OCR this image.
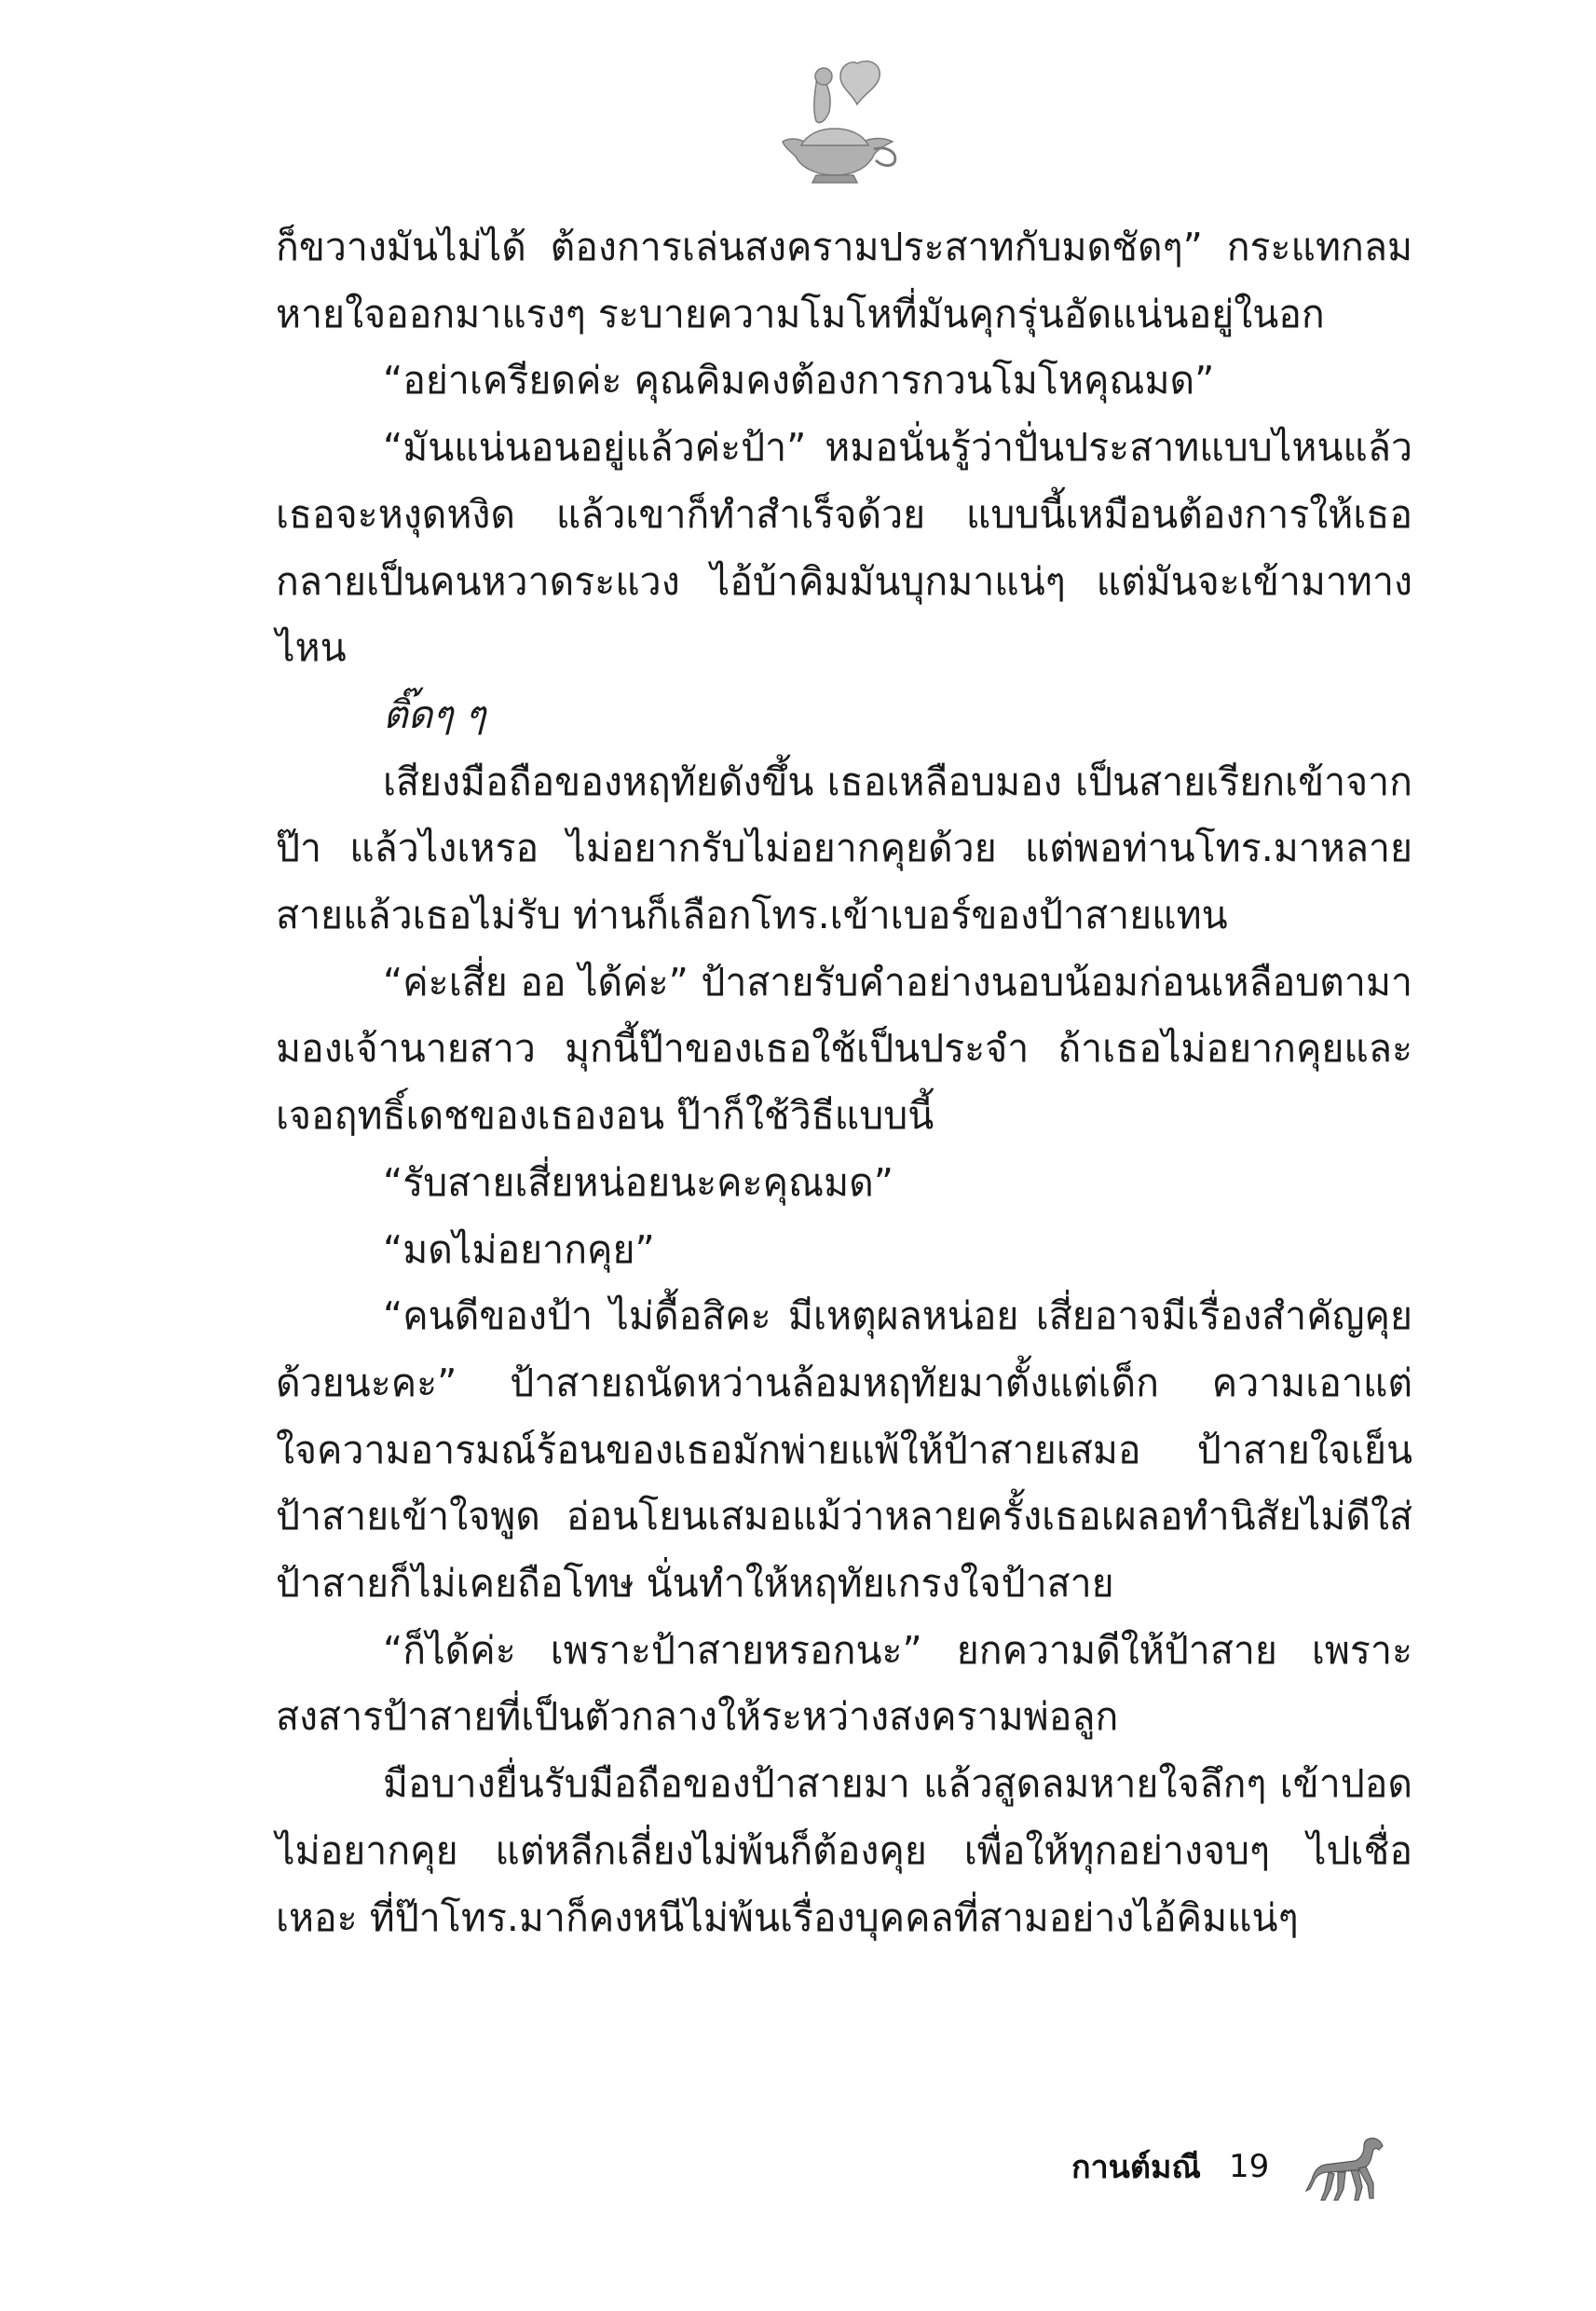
ก็ขวางมันไม่ได้ ต้องการเล่นสงครามประสาทกับมดชัดๆ” กระแทกลมหายใจออกมาแรงๆ ระบายความโมโหที่มันคุกรุ่นอัดแน่นอยู่ในอก

“อย่าเครียดค่ะ คุณคิมคงต้องการกวนโมโหคุณมด”

“มันแน่นอนอยู่แล้วค่ะป้า” หมอนั่นรู้ว่าปั่นประสาทแบบไหนแล้วเธอจะหงุดหงิด แล้วเขาก็ทำสำเร็จด้วย แบบนี้เหมือนต้องการให้เธอกลายเป็นคนหวาดระแวง ไอ้บ้าคิมมันบุกมาแน่ๆ แต่มันจะเข้ามาทางไหน

ติ๊ดๆ ๆ

เสียงมือถือของหฤทัยดังขึ้น เธอเหลือบมอง เป็นสายเรียกเข้าจากป๊า แล้วไงเหรอ ไม่อยากรับไม่อยากคุยด้วย แต่พอท่านโทร.มาหลายสายแล้วเธอไม่รับ ท่านก็เลือกโทร.เข้าเบอร์ของป้าสายแทน

“ค่ะเสี่ย ออ ได้ค่ะ” ป้าสายรับคำอย่างนอบน้อมก่อนเหลือบตามามองเจ้านายสาว มุกนี้ป๊าของเธอใช้เป็นประจำ ถ้าเธอไม่อยากคุยและเจอฤทธิ์เดชของเธองอน ป๊าก็ใช้วิธีแบบนี้

“รับสายเสี่ยหน่อยนะคะคุณมด”

“มดไม่อยากคุย”

“คนดีของป้า ไม่ดื้อสิคะ มีเหตุผลหน่อย เสี่ยอาจมีเรื่องสำคัญคุยด้วยนะคะ” ป้าสายถนัดหว่านล้อมหฤทัยมาตั้งแต่เด็ก ความเอาแต่ใจความอารมณ์ร้อนของเธอมักพ่ายแพ้ให้ป้าสายเสมอ ป้าสายใจเย็นป้าสายเข้าใจพูด อ่อนโยนเสมอแม้ว่าหลายครั้งเธอเผลอทำนิสัยไม่ดีใส่ป้าสายก็ไม่เคยถือโทษ นั่นทำให้หฤทัยเกรงใจป้าสาย

“ก็ได้ค่ะ เพราะป้าสายหรอกนะ” ยกความดีให้ป้าสาย เพราะสงสารป้าสายที่เป็นตัวกลางให้ระหว่างสงครามพ่อลูก

มือบางยื่นรับมือถือของป้าสายมา แล้วสูดลมหายใจลึกๆ เข้าปอดไม่อยากคุย แต่หลีกเลี่ยงไม่พ้นก็ต้องคุย เพื่อให้ทุกอย่างจบๆ ไปเชื่อเหอะ ที่ป๊าโทร.มาก็คงหนีไม่พ้นเรื่องบุคคลที่สามอย่างไอ้คิมแน่ๆ

กานต์มณี 19
